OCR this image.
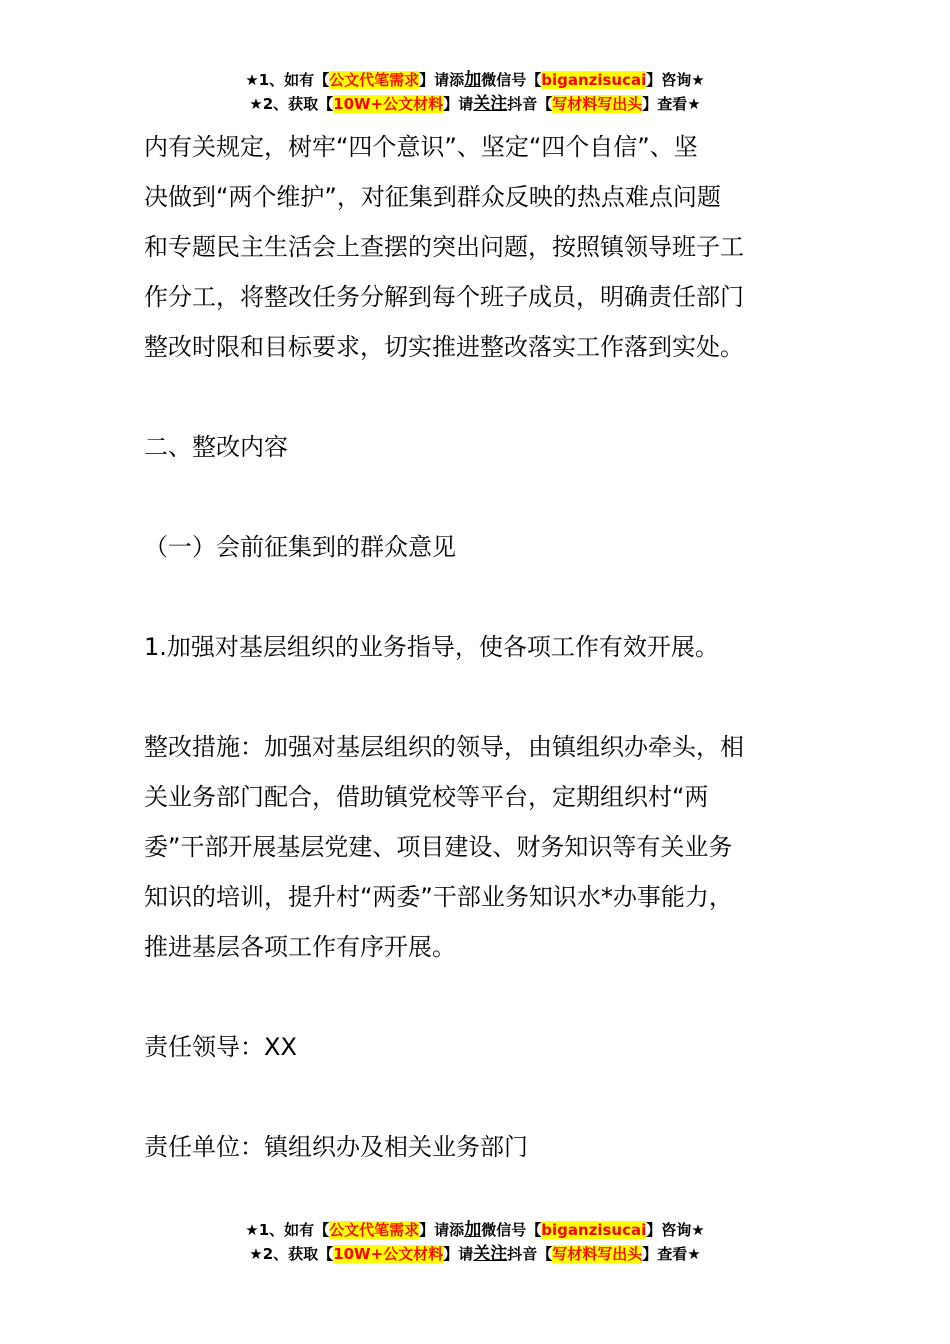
★1、如有【公文代笔需求】请添加微信号【biganzisucai】咨询★
★2、获取【10W+公文材料】请关注抖音【写材料写出头】查看★

内有关规定，树牢“四个意识”、坚定“四个自信”、坚

决做到“两个维护”，对征集到群众反映的热点难点问题

和专题民主生活会上查摆的突出问题，按照镇领导班子工

作分工，将整改任务分解到每个班子成员，明确责任部门

整改时限和目标要求，切实推进整改落实工作落到实处。

二、整改内容

（一）会前征集到的群众意见

1.加强对基层组织的业务指导，使各项工作有效开展。

整改措施：加强对基层组织的领导，由镇组织办牵头，相

关业务部门配合，借助镇党校等平台，定期组织村“两

委”干部开展基层党建、项目建设、财务知识等有关业务

知识的培训，提升村“两委”干部业务知识水*办事能力，

推进基层各项工作有序开展。

责任领导：XX

责任单位：镇组织办及相关业务部门

★1、如有【公文代笔需求】请添加微信号【biganzisucai】咨询★
★2、获取【10W+公文材料】请关注抖音【写材料写出头】查看★
